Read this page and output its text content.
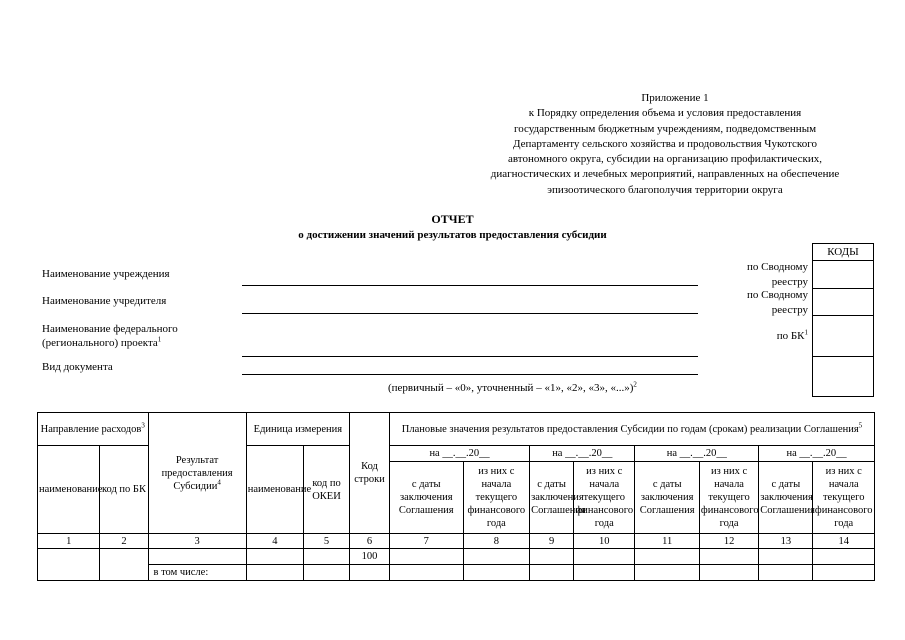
Приложение 1
к Порядку определения объема и условия предоставления
государственным бюджетным учреждениям, подведомственным
Департаменту сельского хозяйства и продовольствия Чукотского
автономного округа, субсидии на организацию профилактических,
диагностических и лечебных мероприятий, направленных на обеспечение
эпизоотического благополучия территории округа
ОТЧЕТ
о достижении значений результатов предоставления субсидии
Наименование учреждения
Наименование учредителя
Наименование федерального
(регионального) проекта$^1$
Вид документа
(первичный – «0», уточненный – «1», «2», «3», «...»)$^2$
по Сводному реестру
по Сводному реестру
по $БК^1$
КОДЫ

Направление расходов$^3$		Результат предоставления Субсидии$^4$	Единица измерения		Код строки	Плановые значения результатов предоставления Субсидии по годам (срокам) реализации Соглашения$^5$
наименование	код по БК		наименование	код по ОКЕИ		на __.__.20__		на __.__.20__		на __.__.20__		на __.__.20__	
						с даты заключения Соглашения	из них с начала текущего финансового года	с даты заключения Соглашения	из них с начала текущего финансового года	с даты заключения Соглашения	из них с начала текущего финансового года	с даты заключения Соглашения	из них с начала текущего финансового года
1	2	3	4	5	6	7	8	9	10	11	12	13	14
					100								
		в том числе:											
